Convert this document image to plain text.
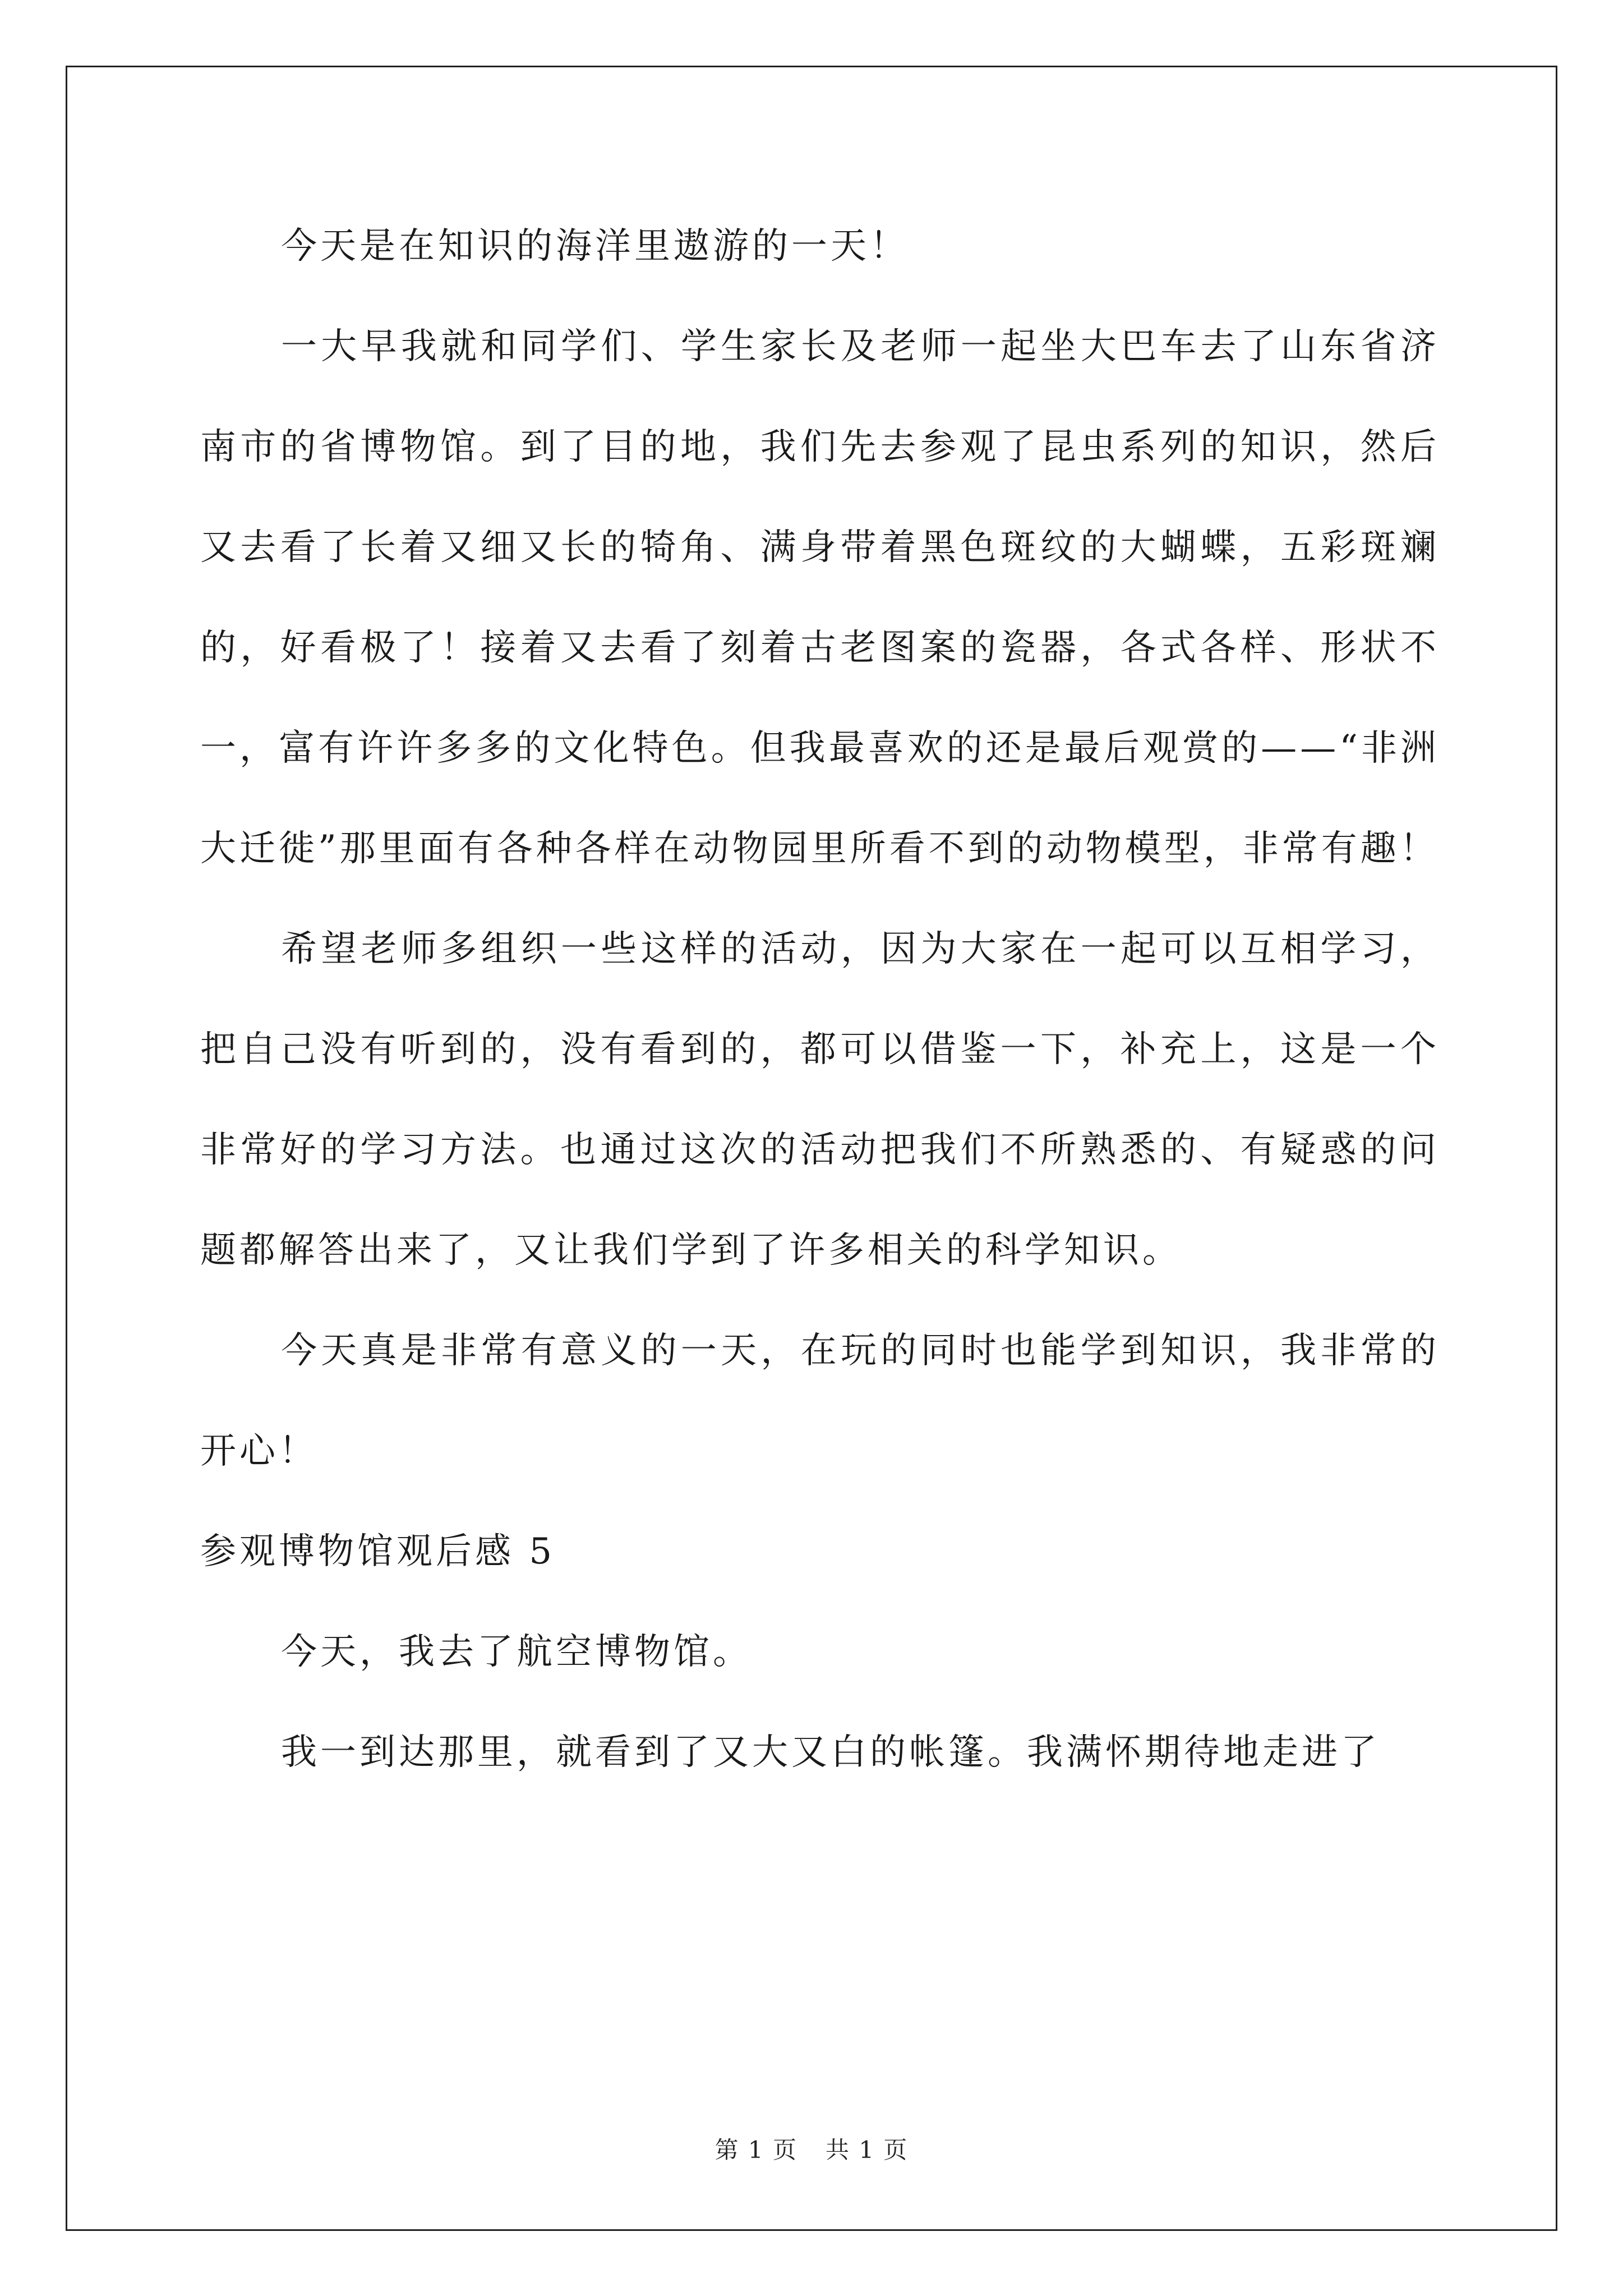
今天是在知识的海洋里遨游的一天！

一大早我就和同学们、学生家长及老师一起坐大巴车去了山东省济南市的省博物馆。到了目的地，我们先去参观了昆虫系列的知识，然后又去看了长着又细又长的犄角、满身带着黑色斑纹的大蝴蝶，五彩斑斓的，好看极了！接着又去看了刻着古老图案的瓷器，各式各样、形状不一，富有许许多多的文化特色。但我最喜欢的还是最后观赏的——“非洲大迁徙”那里面有各种各样在动物园里所看不到的动物模型，非常有趣！

希望老师多组织一些这样的活动，因为大家在一起可以互相学习，把自己没有听到的，没有看到的，都可以借鉴一下，补充上，这是一个非常好的学习方法。也通过这次的活动把我们不所熟悉的、有疑惑的问题都解答出来了，又让我们学到了许多相关的科学知识。

今天真是非常有意义的一天，在玩的同时也能学到知识，我非常的开心！

参观博物馆观后感 5

今天，我去了航空博物馆。

我一到达那里，就看到了又大又白的帐篷。我满怀期待地走进了

第 1 页 共 1 页
